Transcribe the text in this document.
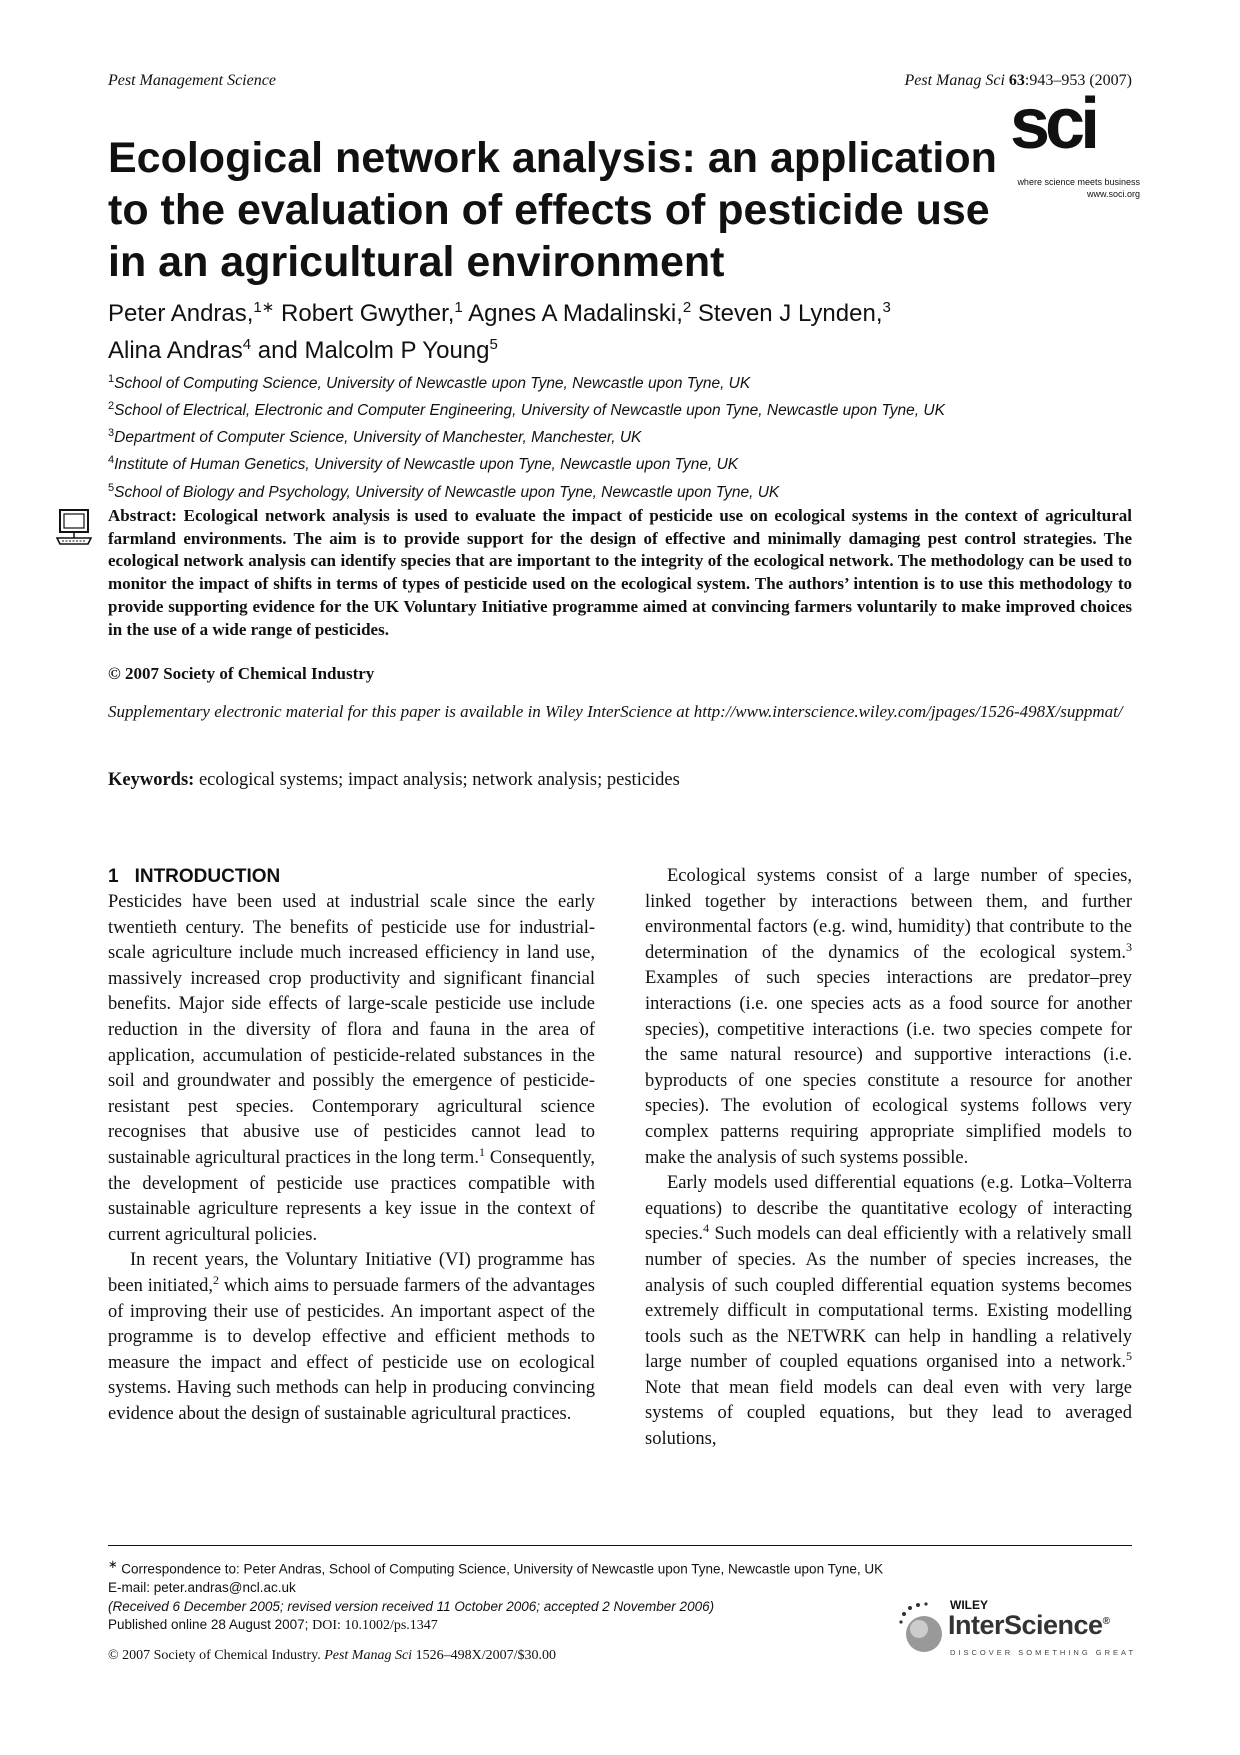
Pest Management Science	Pest Manag Sci 63:943–953 (2007)
sci
where science meets business
www.soci.org
Ecological network analysis: an application to the evaluation of effects of pesticide use in an agricultural environment
Peter Andras,$^{1∗}$ Robert Gwyther,$^1$ Agnes A Madalinski,$^2$ Steven J Lynden,$^3$
Alina Andras$^4$ and Malcolm P Young$^5$
$^1$School of Computing Science, University of Newcastle upon Tyne, Newcastle upon Tyne, UK
$^2$School of Electrical, Electronic and Computer Engineering, University of Newcastle upon Tyne, Newcastle upon Tyne, UK
$^3$Department of Computer Science, University of Manchester, Manchester, UK
$^4$Institute of Human Genetics, University of Newcastle upon Tyne, Newcastle upon Tyne, UK
$^5$School of Biology and Psychology, University of Newcastle upon Tyne, Newcastle upon Tyne, UK
Abstract: Ecological network analysis is used to evaluate the impact of pesticide use on ecological systems in the context of agricultural farmland environments. The aim is to provide support for the design of effective and minimally damaging pest control strategies. The ecological network analysis can identify species that are important to the integrity of the ecological network. The methodology can be used to monitor the impact of shifts in terms of types of pesticide used on the ecological system. The authors’ intention is to use this methodology to provide supporting evidence for the UK Voluntary Initiative programme aimed at convincing farmers voluntarily to make improved choices in the use of a wide range of pesticides.
© 2007 Society of Chemical Industry
Supplementary electronic material for this paper is available in Wiley InterScience at http://www.interscience.wiley.com/jpages/1526-498X/suppmat/
Keywords: ecological systems; impact analysis; network analysis; pesticides
1 INTRODUCTION

Pesticides have been used at industrial scale since the early twentieth century. The benefits of pesticide use for industrial-scale agriculture include much increased efficiency in land use, massively increased crop productivity and significant financial benefits. Major side effects of large-scale pesticide use include reduction in the diversity of flora and fauna in the area of application, accumulation of pesticide-related substances in the soil and groundwater and possibly the emergence of pesticide-resistant pest species. Contemporary agricultural science recognises that abusive use of pesticides cannot lead to sustainable agricultural practices in the long term.$^1$ Consequently, the development of pesticide use practices compatible with sustainable agriculture represents a key issue in the context of current agricultural policies.

In recent years, the Voluntary Initiative (VI) programme has been initiated,$^2$ which aims to persuade farmers of the advantages of improving their use of pesticides. An important aspect of the programme is to develop effective and efficient methods to measure the impact and effect of pesticide use on ecological systems. Having such methods can help in producing convincing evidence about the design of sustainable agricultural practices.

Ecological systems consist of a large number of species, linked together by interactions between them, and further environmental factors (e.g. wind, humidity) that contribute to the determination of the dynamics of the ecological system.$^3$ Examples of such species interactions are predator–prey interactions (i.e. one species acts as a food source for another species), competitive interactions (i.e. two species compete for the same natural resource) and supportive interactions (i.e. byproducts of one species constitute a resource for another species). The evolution of ecological systems follows very complex patterns requiring appropriate simplified models to make the analysis of such systems possible.

Early models used differential equations (e.g. Lotka–Volterra equations) to describe the quantitative ecology of interacting species.$^4$ Such models can deal efficiently with a relatively small number of species. As the number of species increases, the analysis of such coupled differential equation systems becomes extremely difficult in computational terms. Existing modelling tools such as the NETWRK can help in handling a relatively large number of coupled equations organised into a network.$^5$ Note that mean field models can deal even with very large systems of coupled equations, but they lead to averaged solutions,

∗ Correspondence to: Peter Andras, School of Computing Science, University of Newcastle upon Tyne, Newcastle upon Tyne, UK
E-mail: peter.andras@ncl.ac.uk
(Received 6 December 2005; revised version received 11 October 2006; accepted 2 November 2006)
Published online 28 August 2007; DOI: 10.1002/ps.1347
© 2007 Society of Chemical Industry. Pest Manag Sci 1526–498X/2007/$30.00
WILEY
InterScience®
DISCOVER SOMETHING GREAT
